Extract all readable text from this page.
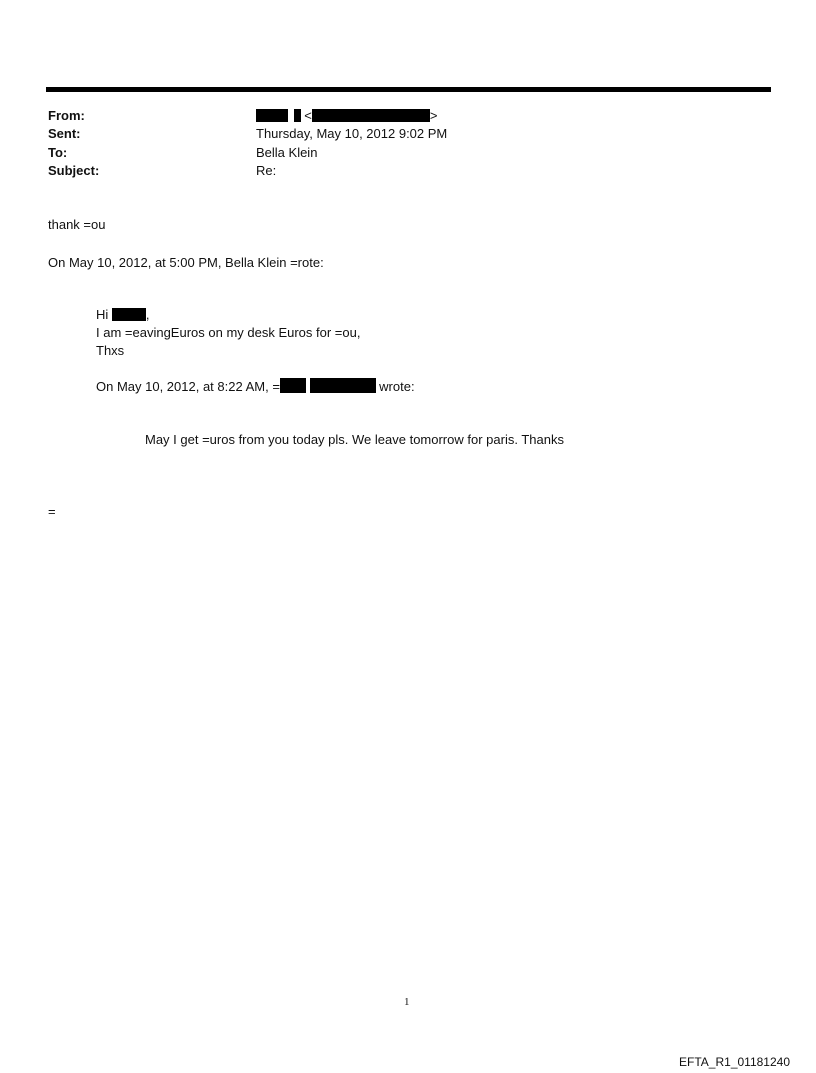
From:	<	>
Sent:	Thursday, May 10, 2012 9:02 PM
To:	Bella Klein
Subject:	Re:
thank =ou
On May 10, 2012, at 5:00 PM, Bella Klein =rote:
Hi	,
I am =eavingEuros on my desk Euros for =ou,
Thxs
On May 10, 2012, at 8:22 AM, =	wrote:
May I get =uros from you today pls. We leave tomorrow for paris. Thanks
=
1
EFTA_R1_01181240
